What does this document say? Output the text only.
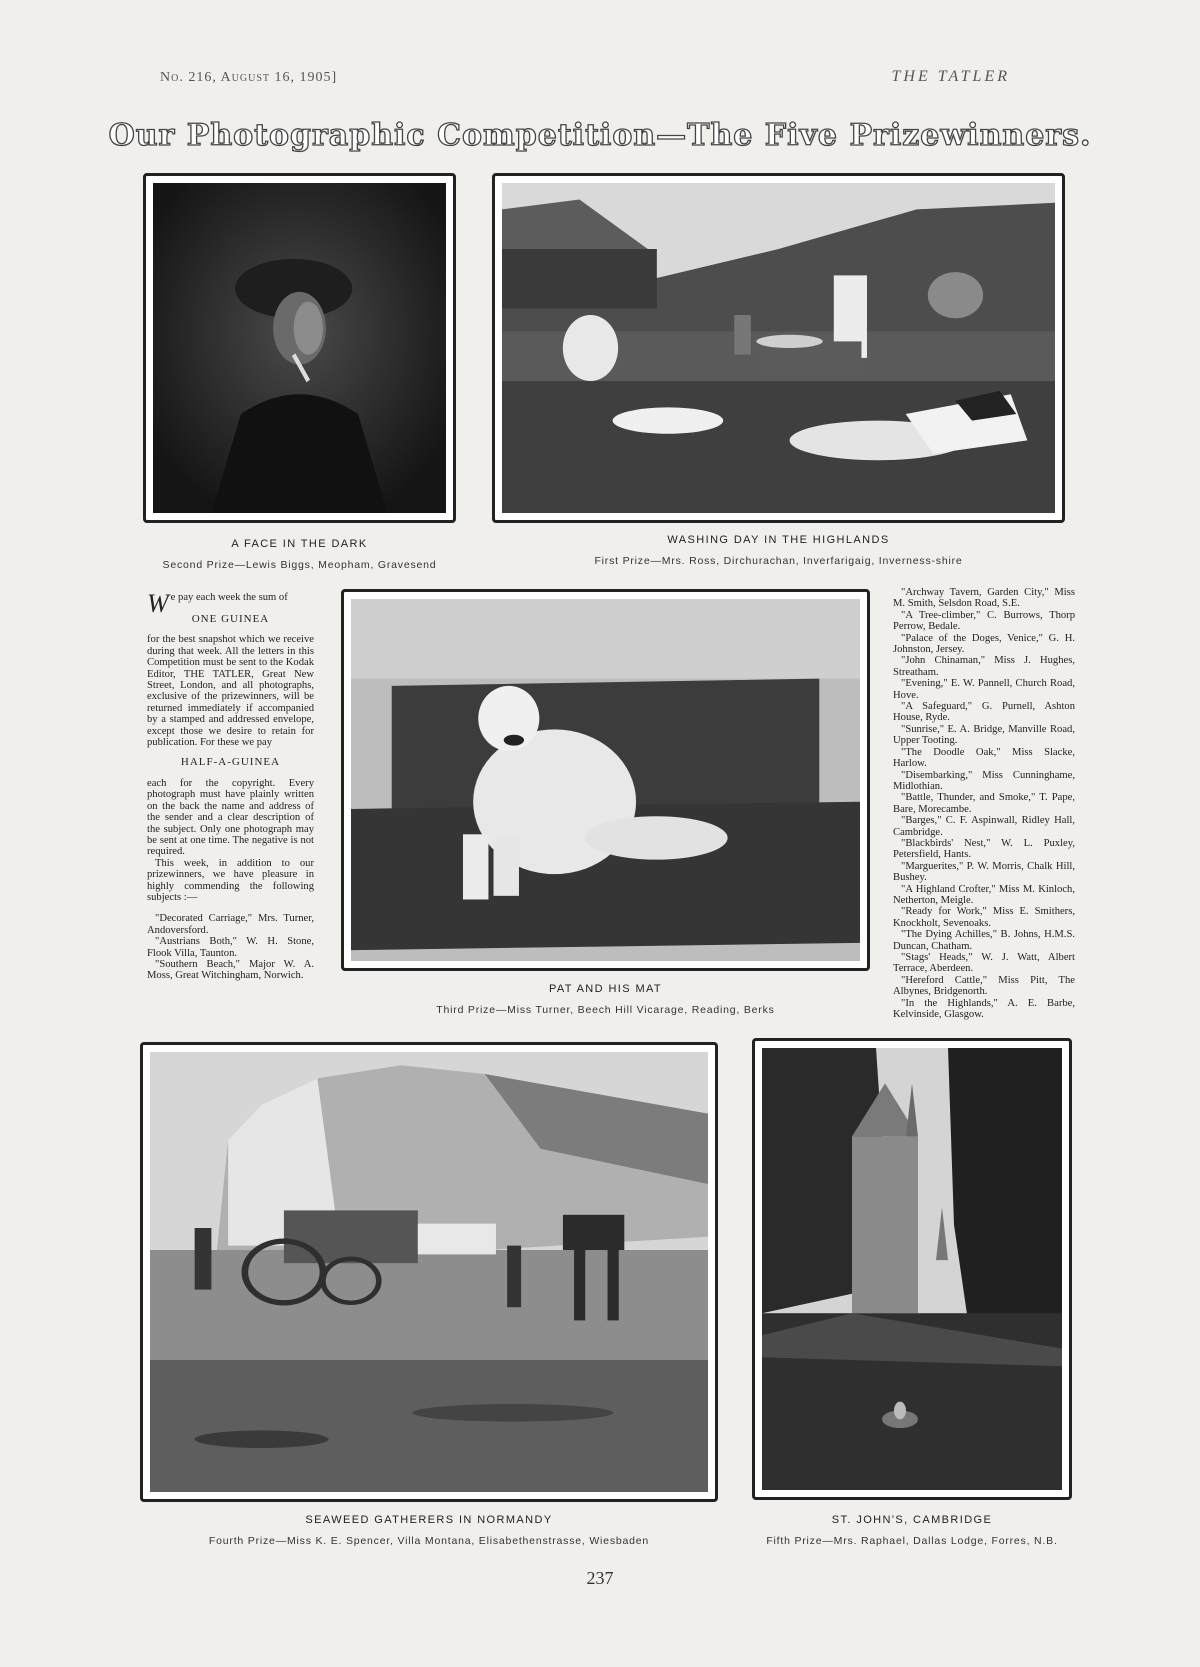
No. 216, August 16, 1905]	THE TATLER
Our Photographic Competition—The Five Prizewinners.
A FACE IN THE DARK
Second Prize—Lewis Biggs, Meopham, Gravesend
WASHING DAY IN THE HIGHLANDS
First Prize—Mrs. Ross, Dirchurachan, Inverfarigaig, Inverness-shire

We pay each week the sum of

ONE GUINEA

for the best snapshot which we receive during that week. All the letters in this Competition must be sent to the Kodak Editor, THE TATLER, Great New Street, London, and all photographs, exclusive of the prizewinners, will be returned immediately if accompanied by a stamped and addressed envelope, except those we desire to retain for publication. For these we pay

HALF-A-GUINEA

each for the copyright. Every photograph must have plainly written on the back the name and address of the sender and a clear description of the subject. Only one photograph may be sent at one time. The negative is not required.

This week, in addition to our prizewinners, we have pleasure in highly commending the following subjects :—

"Decorated Carriage," Mrs. Turner, Andoversford.

"Austrians Both," W. H. Stone, Flook Villa, Taunton.

"Southern Beach," Major W. A. Moss, Great Witchingham, Norwich.

PAT AND HIS MAT
Third Prize—Miss Turner, Beech Hill Vicarage, Reading, Berks

"Archway Tavern, Garden City," Miss M. Smith, Selsdon Road, S.E.

"A Tree-climber," C. Burrows, Thorp Perrow, Bedale.

"Palace of the Doges, Venice," G. H. Johnston, Jersey.

"John Chinaman," Miss J. Hughes, Streatham.

"Evening," E. W. Pannell, Church Road, Hove.

"A Safeguard," G. Purnell, Ashton House, Ryde.

"Sunrise," E. A. Bridge, Manville Road, Upper Tooting.

"The Doodle Oak," Miss Slacke, Harlow.

"Disembarking," Miss Cunninghame, Midlothian.

"Battle, Thunder, and Smoke," T. Pape, Bare, Morecambe.

"Barges," C. F. Aspinwall, Ridley Hall, Cambridge.

"Blackbirds' Nest," W. L. Puxley, Petersfield, Hants.

"Marguerites," P. W. Morris, Chalk Hill, Bushey.

"A Highland Crofter," Miss M. Kinloch, Netherton, Meigle.

"Ready for Work," Miss E. Smithers, Knockholt, Sevenoaks.

"The Dying Achilles," B. Johns, H.M.S. Duncan, Chatham.

"Stags' Heads," W. J. Watt, Albert Terrace, Aberdeen.

"Hereford Cattle," Miss Pitt, The Albynes, Bridgenorth.

"In the Highlands," A. E. Barbe, Kelvinside, Glasgow.

SEAWEED GATHERERS IN NORMANDY
Fourth Prize—Miss K. E. Spencer, Villa Montana, Elisabethenstrasse, Wiesbaden
ST. JOHN'S, CAMBRIDGE
Fifth Prize—Mrs. Raphael, Dallas Lodge, Forres, N.B.
237
